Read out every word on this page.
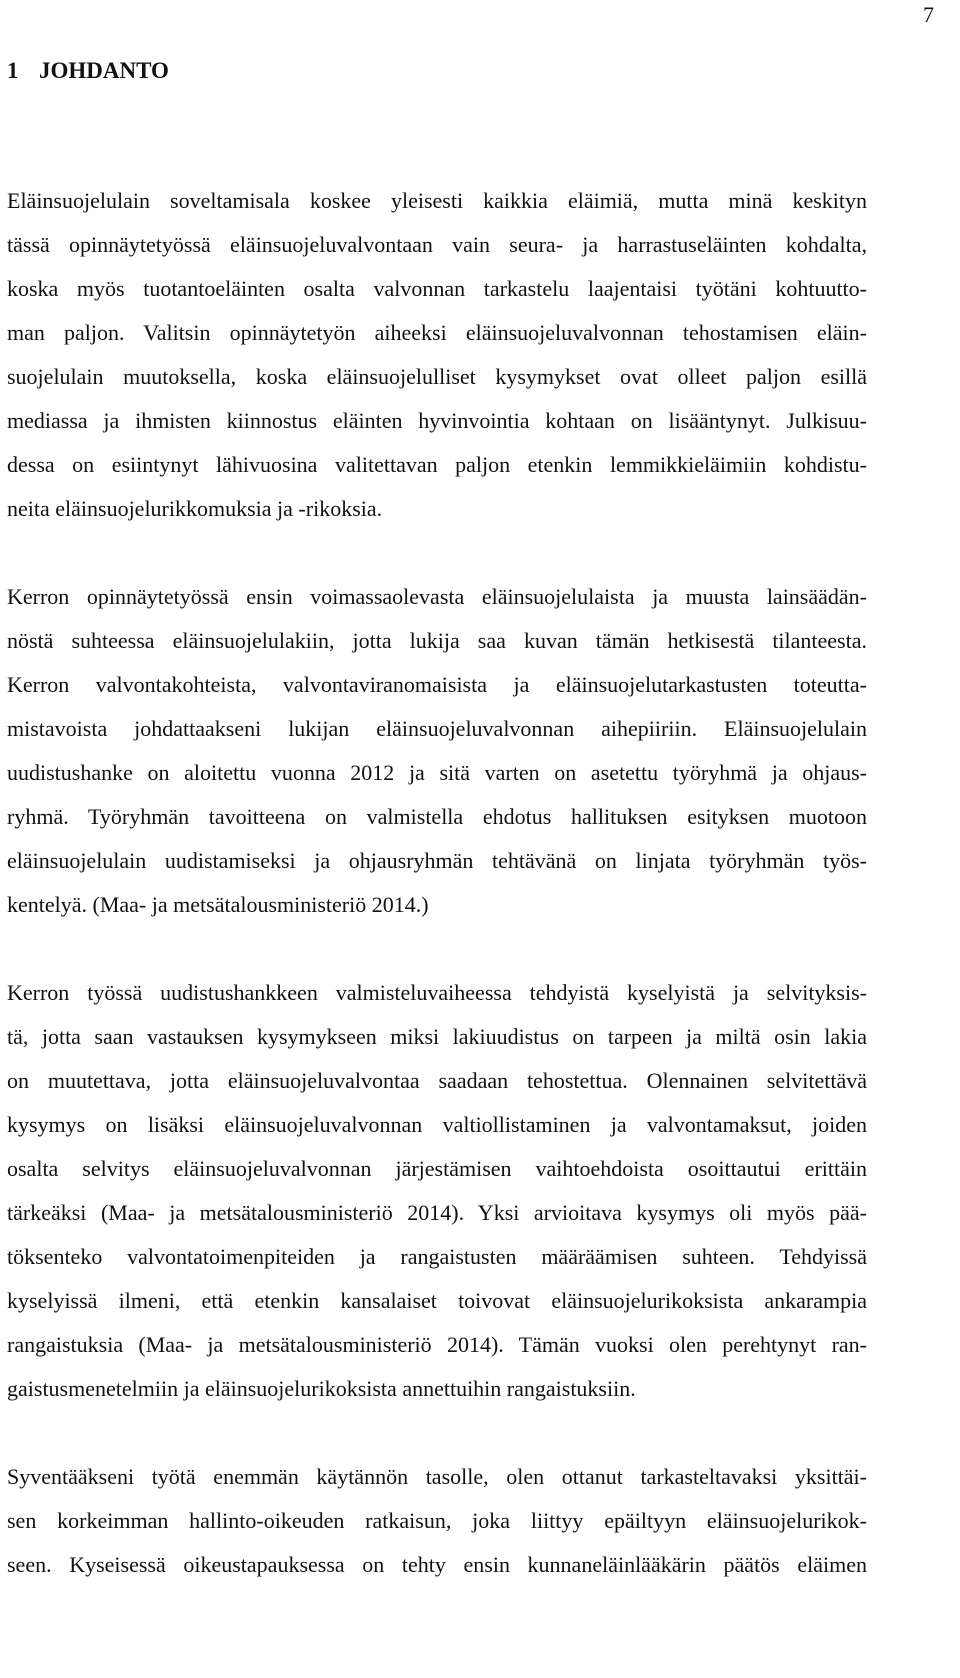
7
1 JOHDANTO

Eläinsuojelulain soveltamisala koskee yleisesti kaikkia eläimiä, mutta minä keskityn
tässä opinnäytetyössä eläinsuojeluvalvontaan vain seura- ja harrastuseläinten kohdalta,
koska myös tuotantoeläinten osalta valvonnan tarkastelu laajentaisi työtäni kohtuutto-
man paljon. Valitsin opinnäytetyön aiheeksi eläinsuojeluvalvonnan tehostamisen eläin-
suojelulain muutoksella, koska eläinsuojelulliset kysymykset ovat olleet paljon esillä
mediassa ja ihmisten kiinnostus eläinten hyvinvointia kohtaan on lisääntynyt. Julkisuu-
dessa on esiintynyt lähivuosina valitettavan paljon etenkin lemmikkieläimiin kohdistu-
neita eläinsuojelurikkomuksia ja -rikoksia.

Kerron opinnäytetyössä ensin voimassaolevasta eläinsuojelulaista ja muusta lainsäädän-
nöstä suhteessa eläinsuojelulakiin, jotta lukija saa kuvan tämän hetkisestä tilanteesta.
Kerron valvontakohteista, valvontaviranomaisista ja eläinsuojelutarkastusten toteutta-
mistavoista johdattaakseni lukijan eläinsuojeluvalvonnan aihepiiriin. Eläinsuojelulain
uudistushanke on aloitettu vuonna 2012 ja sitä varten on asetettu työryhmä ja ohjaus-
ryhmä. Työryhmän tavoitteena on valmistella ehdotus hallituksen esityksen muotoon
eläinsuojelulain uudistamiseksi ja ohjausryhmän tehtävänä on linjata työryhmän työs-
kentelyä. (Maa- ja metsätalousministeriö 2014.)

Kerron työssä uudistushankkeen valmisteluvaiheessa tehdyistä kyselyistä ja selvityksis-
tä, jotta saan vastauksen kysymykseen miksi lakiuudistus on tarpeen ja miltä osin lakia
on muutettava, jotta eläinsuojeluvalvontaa saadaan tehostettua. Olennainen selvitettävä
kysymys on lisäksi eläinsuojeluvalvonnan valtiollistaminen ja valvontamaksut, joiden
osalta selvitys eläinsuojeluvalvonnan järjestämisen vaihtoehdoista osoittautui erittäin
tärkeäksi (Maa- ja metsätalousministeriö 2014). Yksi arvioitava kysymys oli myös pää-
töksenteko valvontatoimenpiteiden ja rangaistusten määräämisen suhteen. Tehdyissä
kyselyissä ilmeni, että etenkin kansalaiset toivovat eläinsuojelurikoksista ankarampia
rangaistuksia (Maa- ja metsätalousministeriö 2014). Tämän vuoksi olen perehtynyt ran-
gaistusmenetelmiin ja eläinsuojelurikoksista annettuihin rangaistuksiin.

Syventääkseni työtä enemmän käytännön tasolle, olen ottanut tarkasteltavaksi yksittäi-
sen korkeimman hallinto-oikeuden ratkaisun, joka liittyy epäiltyyn eläinsuojelurikok-
seen. Kyseisessä oikeustapauksessa on tehty ensin kunnaneläinlääkärin päätös eläimen
